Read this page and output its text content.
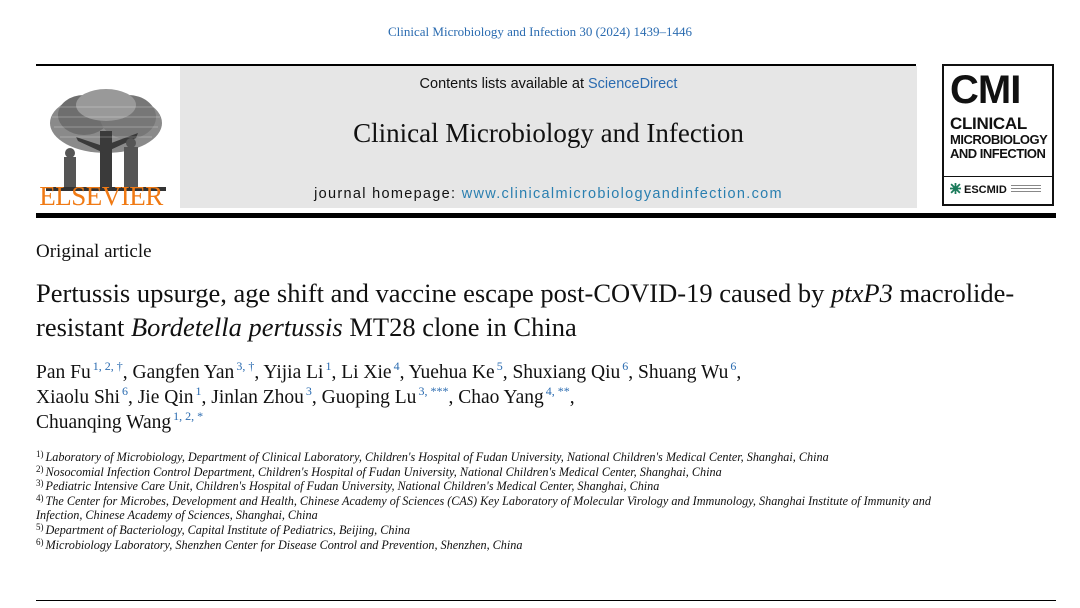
Clinical Microbiology and Infection 30 (2024) 1439–1446
ELSEVIER
Contents lists available at ScienceDirect
Clinical Microbiology and Infection
journal homepage: www.clinicalmicrobiologyandinfection.com
CMI
CLINICAL
MICROBIOLOGY
AND INFECTION
ESCMID
Original article
Pertussis upsurge, age shift and vaccine escape post-COVID-19 caused by ptxP3 macrolide-resistant Bordetella pertussis MT28 clone in China
Pan Fu $^{1, 2, \dagger}$, Gangfen Yan $^{3, \dagger}$, Yijia Li $^1$, Li Xie $^4$, Yuehua Ke $^5$, Shuxiang Qiu $^6$, Shuang Wu $^6$,
Xiaolu Shi $^6$, Jie Qin $^1$, Jinlan Zhou $^3$, Guoping Lu $^{3, ***}$, Chao Yang $^{4, **}$,
Chuanqing Wang $^{1, 2, *}$
$^{1)}$ Laboratory of Microbiology, Department of Clinical Laboratory, Children's Hospital of Fudan University, National Children's Medical Center, Shanghai, China
$^{2)}$ Nosocomial Infection Control Department, Children's Hospital of Fudan University, National Children's Medical Center, Shanghai, China
$^{3)}$ Pediatric Intensive Care Unit, Children's Hospital of Fudan University, National Children's Medical Center, Shanghai, China
$^{4)}$ The Center for Microbes, Development and Health, Chinese Academy of Sciences (CAS) Key Laboratory of Molecular Virology and Immunology, Shanghai Institute of Immunity and Infection, Chinese Academy of Sciences, Shanghai, China
$^{5)}$ Department of Bacteriology, Capital Institute of Pediatrics, Beijing, China
$^{6)}$ Microbiology Laboratory, Shenzhen Center for Disease Control and Prevention, Shenzhen, China
